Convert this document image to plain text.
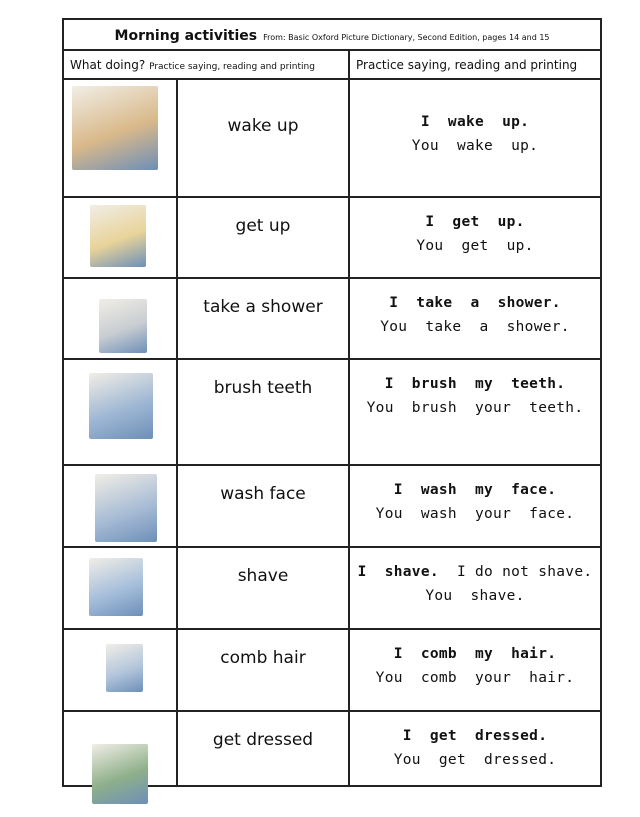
Morning activities From: Basic Oxford Picture Dictionary, Second Edition, pages 14 and 15		
What doing? Practice saying, reading and printing		Practice saying, reading and printing

	wake up	I  wake  up.
You  wake  up.

	get up	I  get  up.
You  get  up.

	take a shower	I  take  a  shower.
You  take  a  shower.

	brush teeth	I  brush  my  teeth.
You  brush  your  teeth.

	wash face	I  wash  my  face.
You  wash  your  face.

	shave	I  shave. I do not shave.
You  shave.

	comb hair	I  comb  my  hair.
You  comb  your  hair.

	get dressed	I  get  dressed.
You  get  dressed.
